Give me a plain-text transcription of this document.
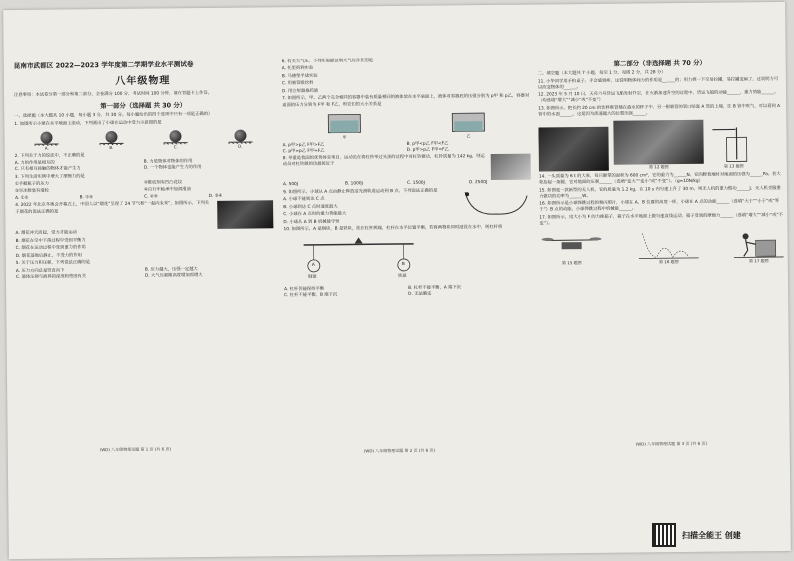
昆南市武都区 2022—2023 学年度第二学期学业水平测试卷
八年级物理
注意事项：本试卷分第一部分和第二部分，全卷满分 100 分，考试时间 100 分钟，请在答题卡上作答。
第一部分（选择题 共 30 分）
一、选择题（本大题共 10 小题，每小题 3 分，共 30 分。每小题给出的四个选项中只有一项是正确的）
1. 如图所示小球在水平地面上滚动，下列画出了小球在运动中受力示意图的是
A.	B.	C.	D.
2. 下列关于力的说法中，不正确的是
A. 力的作用是相互的	B. 力是物体对物体的作用
C. 只有相互接触的物体才能产生力	D. 一个物体也能产生力的作用
3. 下列生活实例中增大了摩擦力的是
①手握瓶子的压力	②鞋底刻有凹凸花纹
③旱冰鞋装有滑轮	④自行车轴承中加润滑油
A. ①②	B. ①④	C. ②③	D. ③④
4. 2022 年北京冬奥会开幕式上，中国人以“烟花”呈现了 24 节气和“一起向未来”，如图所示，下列关于烟花的说法正确的是
A. 烟花冲天而起，受力才能运动
B. 烟花在空中下落过程中受到平衡力
C. 烟花在运动过程中受到重力的作用
D. 烟花落地后静止，不受力的作用
5. 关于压力和压强，下列说法正确的是
A. 压力方向总是竖直向下	B. 压力越大，压强一定越大
C. 液体压强与液体的深度和密度有关	D. 大气压强随高度增加而增大
(WD) 八年级物理试题 第 1 页 (共 6 页)
6. 有关大气压，下列实验能证明大气压存在的是
A. 托里拆利实验
B. 马德堡半球实验
C. 用吸管吸饮料
D. 用注射器推药液
7. 如图所示，甲、乙两个完全相同的容器中装有质量相同的液体放在水平桌面上，液体对容器底的压强分别为 p甲 和 p乙，容器对桌面的压力分别为 F甲 和 F乙，则它们的大小关系是
甲	乙
A. p甲>p乙 F甲>F乙	B. p甲<p乙 F甲<F乙
C. p甲=p乙 F甲=F乙	D. p甲>p乙 F甲=F乙
8. 举重是我国的优势体育项目，运动员在将杠铃举过头顶的过程中对杠铃做功，杠铃质量为 142 kg，则运动员对杠铃做的功最接近于
A. 500J	B. 1000J	C. 1500J	D. 2500J
9. 如图所示，小球从 A 点由静止释放沿光滑轨道运动到 B 点，下列说法正确的是
A. 小球不能到达 C 点
B. 小球到达 C 点时速度最大
C. 小球在 A 点时的重力势能最大
D. 小球从 A 到 B 机械能守恒
10. 如图所示，A 是铜块，B 是铁块，挂在杠杆两端，杠杆在水平位置平衡，若将两物块同时浸没在水中，则杠杆将
A	B
铜球	铁球
A. 杠杆仍能保持平衡	B. 杠杆不能平衡，A 端下沉
C. 杠杆不能平衡，B 端下沉	D. 无法确定
(WD) 八年级物理试题 第 2 页 (共 6 页)
第二部分（非选择题 共 70 分）
二、填空题（本大题共 7 小题，每空 1 分，每图 2 分，共 28 分）
11. 小华同学用手拍桌子，手会感到疼，这说明物体间力的作用是______的；用力捏一下空易拉罐，易拉罐变扁了，这说明力可以改变物体的______。
12. 2023 年 5 月 10 日，天舟六号货运飞船发射升空，在火箭加速升空的过程中，货运飞船的动能______，重力势能______。（均选填“增大”“减小”或“不变”）
13. 如图所示，把长约 20 cm 的饮料吸管插在盛水的杯子中，另一根吸管的管口贴靠 A 管的上端，往 B 管中吹气，可以看到 A 管中的水面______，这是因为流速越大的位置压强______。
第 12 题图	第 13 题图
14. 一头质量为 6 t 的大象，每只脚掌的面积为 600 cm²，它的重力为______N，它四脚着地时对地面的压强为______Pa。若大象抬起一条腿，它对地面的压强______（选填“变大”“变小”或“不变”）。（g=10N/kg）
15. 如图是一款新型的无人机，它的质量为 1.2 kg，在 10 s 内匀速上升了 30 m，则无人机的重力做功______J，无人机克服重力做功的功率为______W。
16. 如图所示是小球弹跳过程的频闪照片，小球在 A、B 位置的高度一样，小球在 A 点的动能______（选填“大于”“小于”或“等于”）B 点的动能，小球弹跳过程中机械能______。
17. 如图所示，用大小为 F 的力推箱子，箱子在水平地面上做匀速直线运动，箱子受到的摩擦力______（选填“增大”“减小”或“不变”）。
第 15 题图	第 16 题图	第 17 题图
(WD) 八年级物理试题 第 3 页 (共 6 页)
扫描全能王 创建
